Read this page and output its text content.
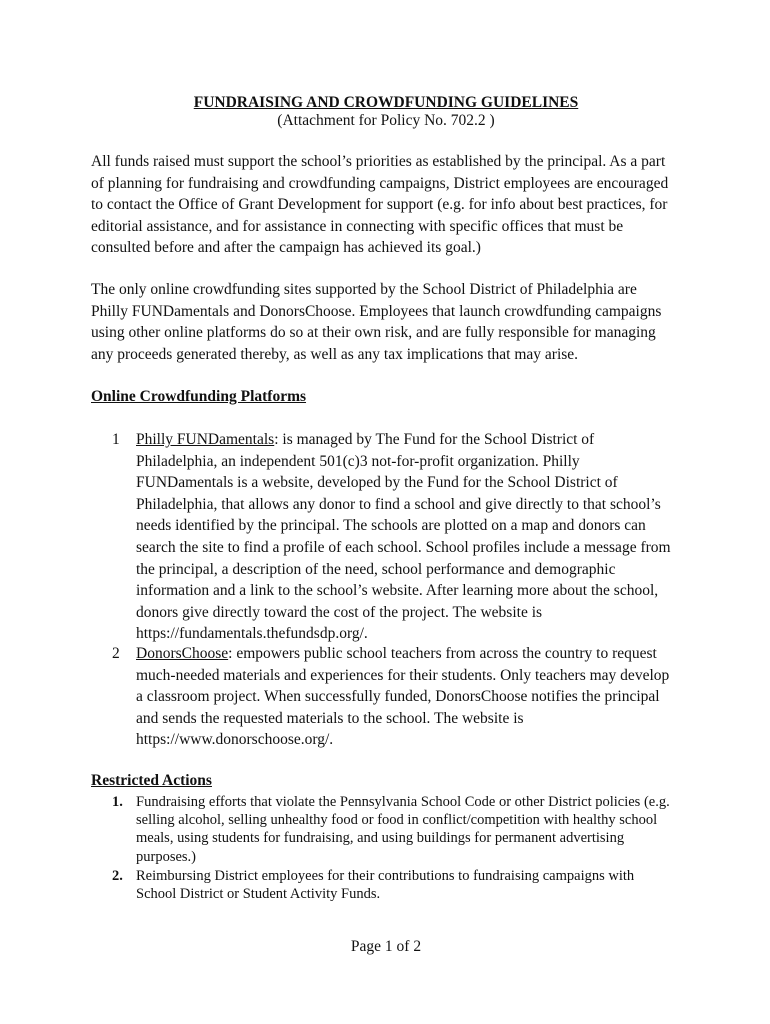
FUNDRAISING AND CROWDFUNDING GUIDELINES
(Attachment for Policy No. 702.2 )

All funds raised must support the school’s priorities as established by the principal. As a part of planning for fundraising and crowdfunding campaigns, District employees are encouraged to contact the Office of Grant Development for support (e.g. for info about best practices, for editorial assistance, and for assistance in connecting with specific offices that must be consulted before and after the campaign has achieved its goal.)

The only online crowdfunding sites supported by the School District of Philadelphia are Philly FUNDamentals and DonorsChoose. Employees that launch crowdfunding campaigns using other online platforms do so at their own risk, and are fully responsible for managing any proceeds generated thereby, as well as any tax implications that may arise.

Online Crowdfunding Platforms
1 Philly FUNDamentals: is managed by The Fund for the School District of Philadelphia, an independent 501(c)3 not-for-profit organization. Philly FUNDamentals is a website, developed by the Fund for the School District of Philadelphia, that allows any donor to find a school and give directly to that school’s needs identified by the principal. The schools are plotted on a map and donors can search the site to find a profile of each school. School profiles include a message from the principal, a description of the need, school performance and demographic information and a link to the school’s website. After learning more about the school, donors give directly toward the cost of the project. The website is https://fundamentals.thefundsdp.org/.
2 DonorsChoose: empowers public school teachers from across the country to request much-needed materials and experiences for their students. Only teachers may develop a classroom project. When successfully funded, DonorsChoose notifies the principal and sends the requested materials to the school. The website is https://www.donorschoose.org/.
Restricted Actions
1. Fundraising efforts that violate the Pennsylvania School Code or other District policies (e.g. selling alcohol, selling unhealthy food or food in conflict/competition with healthy school meals, using students for fundraising, and using buildings for permanent advertising purposes.)
2. Reimbursing District employees for their contributions to fundraising campaigns with School District or Student Activity Funds.
Page 1 of 2
